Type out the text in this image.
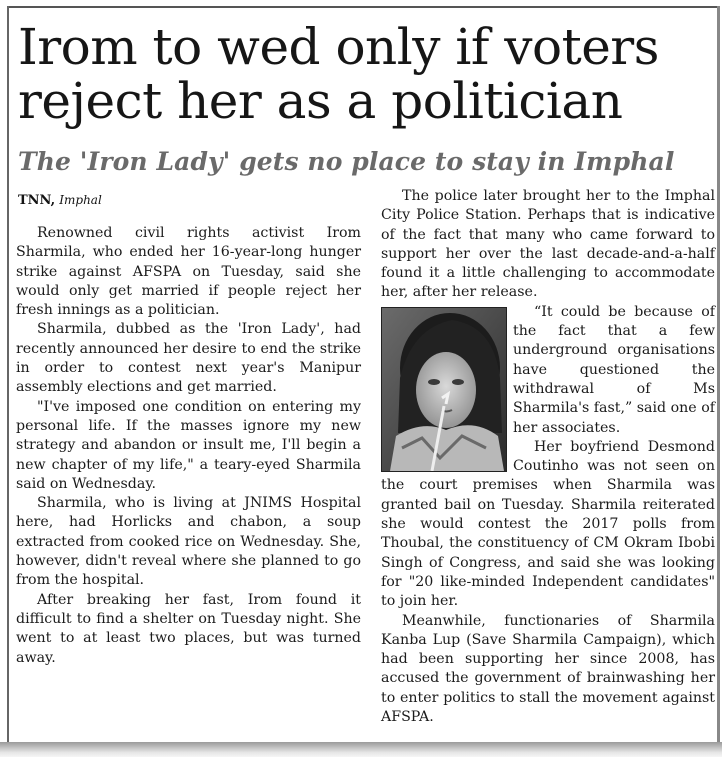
Irom to wed only if voters reject her as a politician
The 'Iron Lady' gets no place to stay in Imphal
TNN, Imphal

Renowned civil rights activist Irom Sharmila, who ended her 16-year-long hunger strike against AFSPA on Tuesday, said she would only get married if people reject her fresh innings as a politician.

Sharmila, dubbed as the 'Iron Lady', had recently announced her desire to end the strike in order to contest next year's Manipur assembly elections and get married.

"I've imposed one condition on entering my personal life. If the masses ignore my new strategy and abandon or insult me, I'll begin a new chapter of my life," a teary-eyed Sharmila said on Wednesday.

Sharmila, who is living at JNIMS Hospital here, had Horlicks and chabon, a soup extracted from cooked rice on Wednesday. She, however, didn't reveal where she planned to go from the hospital.

After breaking her fast, Irom found it difficult to find a shelter on Tuesday night. She went to at least two places, but was turned away.

The police later brought her to the Imphal City Police Station. Perhaps that is indicative of the fact that many who came forward to support her over the last decade-and-a-half found it a little challenging to accommodate her, after her release.

“It could be because of the fact that a few underground organisations have questioned the withdrawal of Ms Sharmila's fast,” said one of her associates.

Her boyfriend Desmond Coutinho was not seen on the court premises when Sharmila was granted bail on Tuesday. Sharmila reiterated she would contest the 2017 polls from Thoubal, the constituency of CM Okram Ibobi Singh of Congress, and said she was looking for "20 like-minded Independent candidates" to join her.

Meanwhile, functionaries of Sharmila Kanba Lup (Save Sharmila Campaign), which had been supporting her since 2008, has accused the government of brainwashing her to enter politics to stall the movement against AFSPA.
